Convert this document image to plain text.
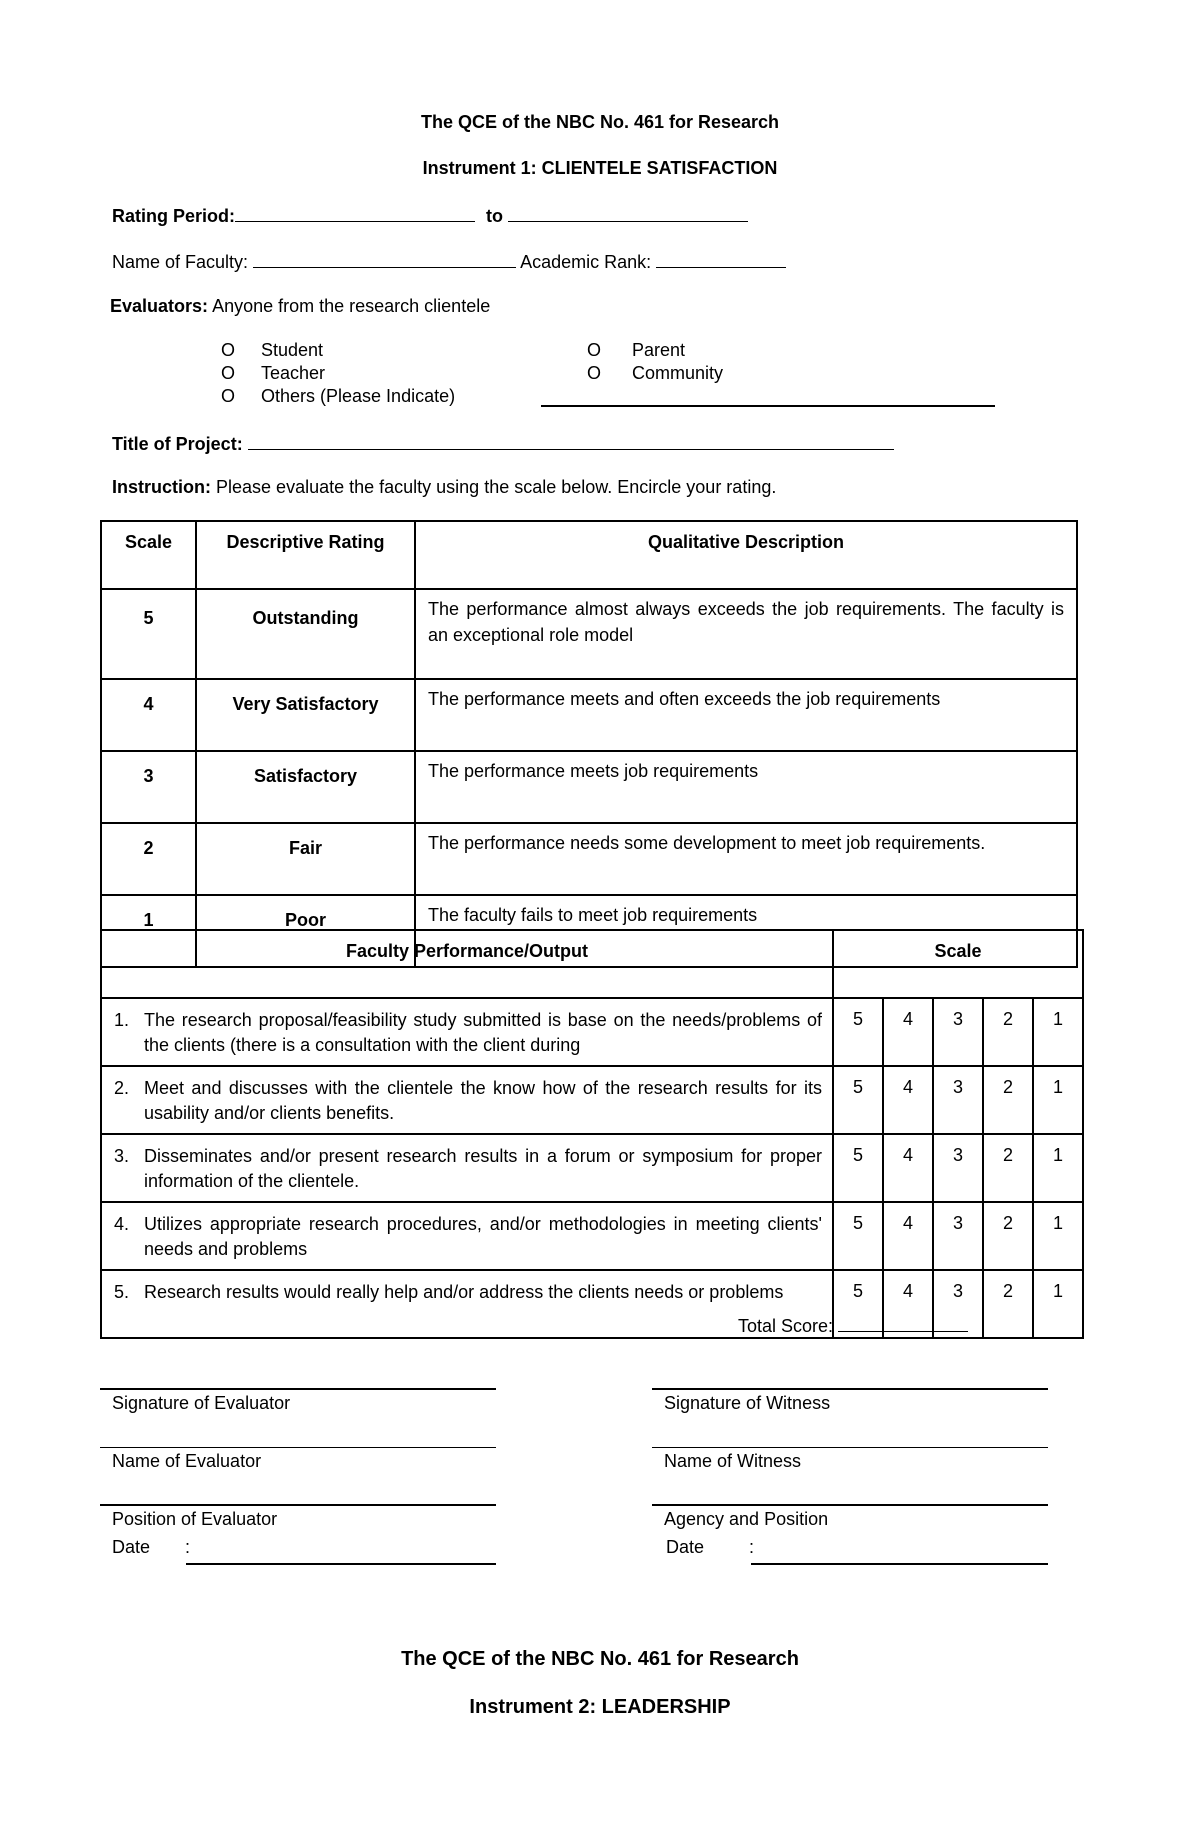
The QCE of the NBC No. 461 for Research
Instrument 1: CLIENTELE SATISFACTION
Rating Period:	to
Name of Faculty:	Academic Rank:
Evaluators: Anyone from the research clientele
O Student
O Teacher
O Others (Please Indicate)
O Parent
O Community
Title of Project:
Instruction: Please evaluate the faculty using the scale below. Encircle your rating.
Scale	Descriptive Rating	Qualitative Description
5	Outstanding	The performance almost always exceeds the job requirements. The faculty is an exceptional role model
4	Very Satisfactory	The performance meets and often exceeds the job requirements
3	Satisfactory	The performance meets job requirements
2	Fair	The performance needs some development to meet job requirements.
1	Poor	The faculty fails to meet job requirements
Faculty Performance/Output	Scale				

1. The research proposal/feasibility study submitted is base on the needs/problems of the clients (there is a consultation with the client during	5	4	3	2	1

2. Meet and discusses with the clientele the know how of the research results for its usability and/or clients benefits.	5	4	3	2	1

3. Disseminates and/or present research results in a forum or symposium for proper information of the clientele.	5	4	3	2	1

4. Utilizes appropriate research procedures, and/or methodologies in meeting clients' needs and problems	5	4	3	2	1

5. Research results would really help and/or address the clients needs or problems	5	4	3	2	1
Total Score:
Signature of Evaluator	Signature of Witness
Name of Evaluator	Name of Witness
Position of Evaluator	Agency and Position
Date :	Date :
The QCE of the NBC No. 461 for Research
Instrument 2: LEADERSHIP
